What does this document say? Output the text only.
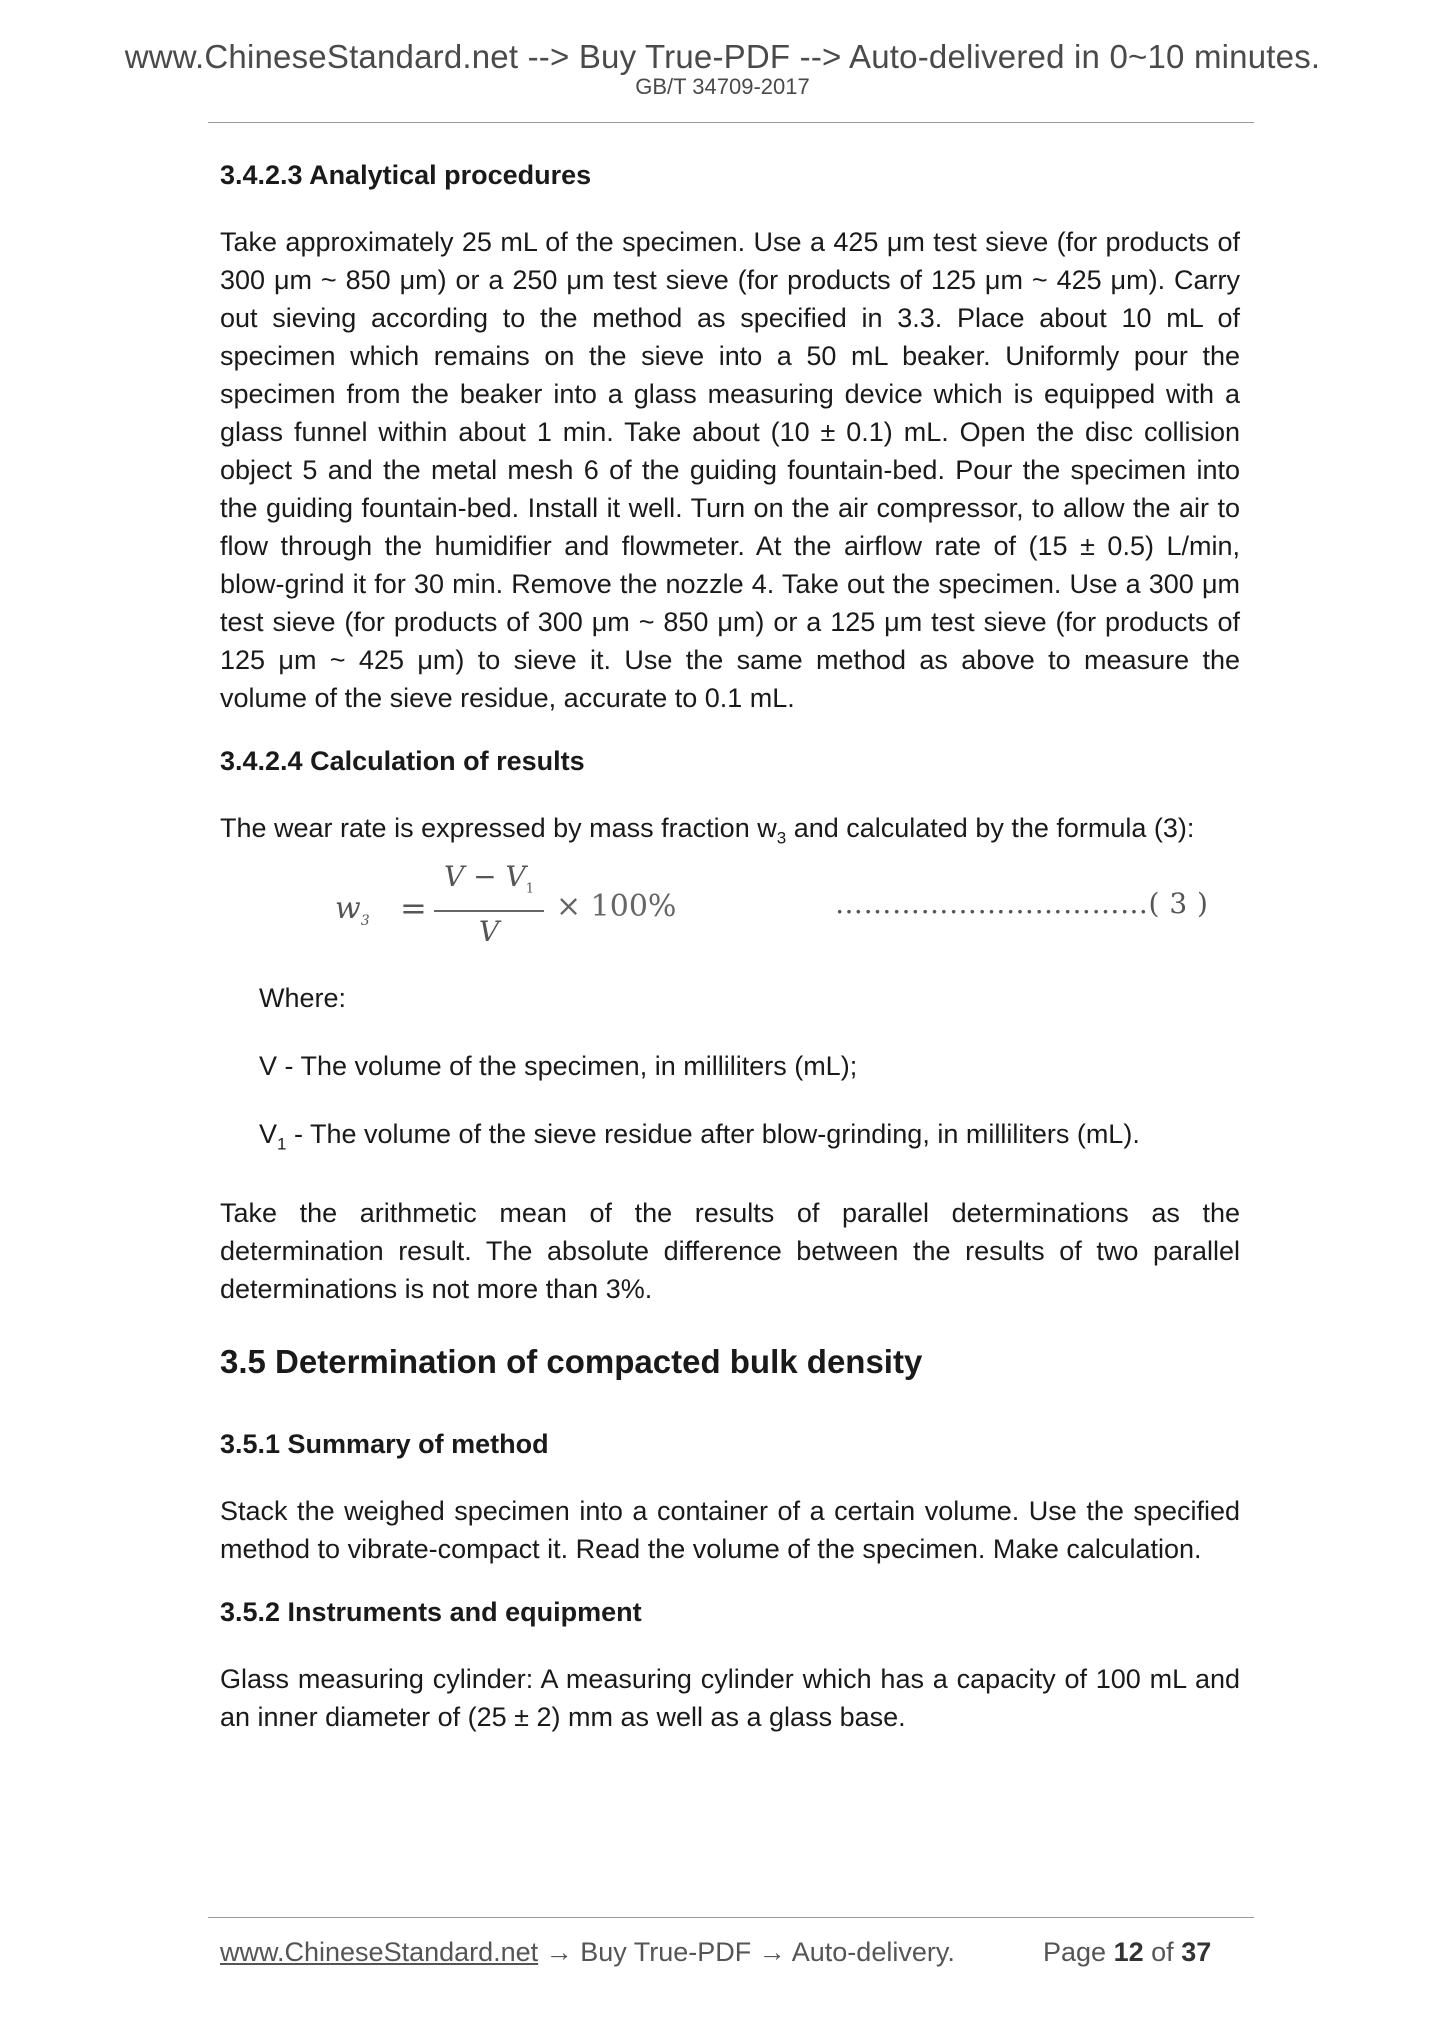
www.ChineseStandard.net --> Buy True-PDF --> Auto-delivered in 0~10 minutes.
GB/T 34709-2017
3.4.2.3 Analytical procedures

Take approximately 25 mL of the specimen. Use a 425 μm test sieve (for products of 300 μm ~ 850 μm) or a 250 μm test sieve (for products of 125 μm ~ 425 μm). Carry out sieving according to the method as specified in 3.3. Place about 10 mL of specimen which remains on the sieve into a 50 mL beaker. Uniformly pour the specimen from the beaker into a glass measuring device which is equipped with a glass funnel within about 1 min. Take about (10 ± 0.1) mL. Open the disc collision object 5 and the metal mesh 6 of the guiding fountain-bed. Pour the specimen into the guiding fountain-bed. Install it well. Turn on the air compressor, to allow the air to flow through the humidifier and flowmeter. At the airflow rate of (15 ± 0.5) L/min, blow-grind it for 30 min. Remove the nozzle 4. Take out the specimen. Use a 300 μm test sieve (for products of 300 μm ~ 850 μm) or a 125 μm test sieve (for products of 125 μm ~ 425 μm) to sieve it. Use the same method as above to measure the volume of the sieve residue, accurate to 0.1 mL.

3.4.2.4 Calculation of results

The wear rate is expressed by mass fraction $w_3$ and calculated by the formula (3):

$w_3$ =
$V - V_1$
V
× 100%	……………………………( 3 )

Where:

V - The volume of the specimen, in milliliters (mL);

$V_1$ - The volume of the sieve residue after blow-grinding, in milliliters (mL).

Take the arithmetic mean of the results of parallel determinations as the determination result. The absolute difference between the results of two parallel determinations is not more than 3%.

3.5 Determination of compacted bulk density
3.5.1 Summary of method

Stack the weighed specimen into a container of a certain volume. Use the specified method to vibrate-compact it. Read the volume of the specimen. Make calculation.

3.5.2 Instruments and equipment

Glass measuring cylinder: A measuring cylinder which has a capacity of 100 mL and an inner diameter of (25 ± 2) mm as well as a glass base.

www.ChineseStandard.net → Buy True-PDF → Auto-delivery.	Page 12 of 37
